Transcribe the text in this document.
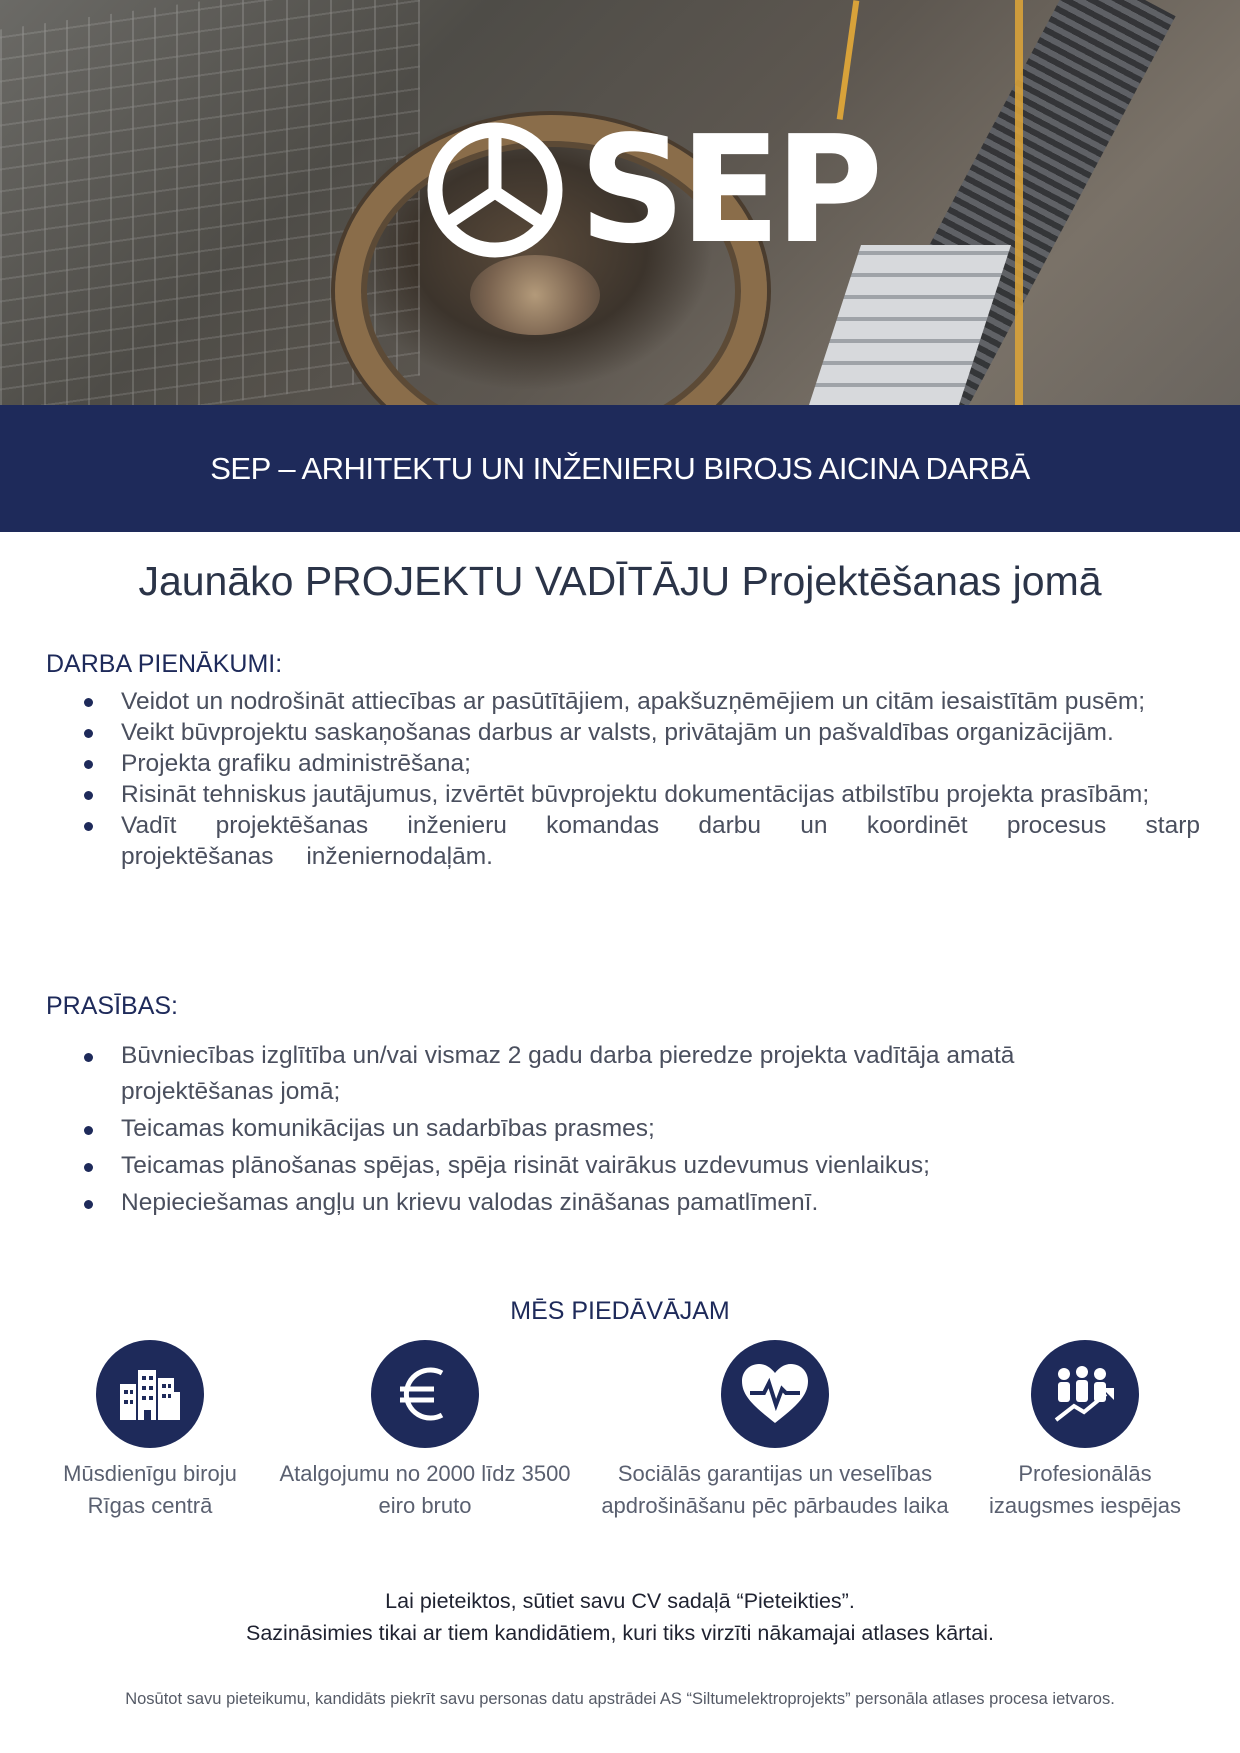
SEP
SEP – ARHITEKTU UN INŽENIERU BIROJS AICINA DARBĀ
Jaunāko PROJEKTU VADĪTĀJU Projektēšanas jomā
DARBA PIENĀKUMI:
Veidot un nodrošināt attiecības ar pasūtītājiem, apakšuzņēmējiem un citām iesaistītām pusēm;
Veikt būvprojektu saskaņošanas darbus ar valsts, privātajām un pašvaldības organizācijām.
Projekta grafiku administrēšana;
Risināt tehniskus jautājumus, izvērtēt būvprojektu dokumentācijas atbilstību projekta prasībām;
Vadīt projektēšanas inženieru komandas darbu un koordinēt procesus starp projektēšanas inženiernodaļām.
PRASĪBAS:
Būvniecības izglītība un/vai vismaz 2 gadu darba pieredze projekta vadītāja amatā projektēšanas jomā;
Teicamas komunikācijas un sadarbības prasmes;
Teicamas plānošanas spējas, spēja risināt vairākus uzdevumus vienlaikus;
Nepieciešamas angļu un krievu valodas zināšanas pamatlīmenī.
MĒS PIEDĀVĀJAM
Mūsdienīgu biroju
Rīgas centrā
Atalgojumu no 2000 līdz 3500
eiro bruto
Sociālās garantijas un veselības
apdrošināšanu pēc pārbaudes laika
Profesionālās
izaugsmes iespējas
Lai pieteiktos, sūtiet savu CV sadaļā “Pieteikties”.
Sazināsimies tikai ar tiem kandidātiem, kuri tiks virzīti nākamajai atlases kārtai.
Nosūtot savu pieteikumu, kandidāts piekrīt savu personas datu apstrādei AS “Siltumelektroprojekts” personāla atlases procesa ietvaros.
